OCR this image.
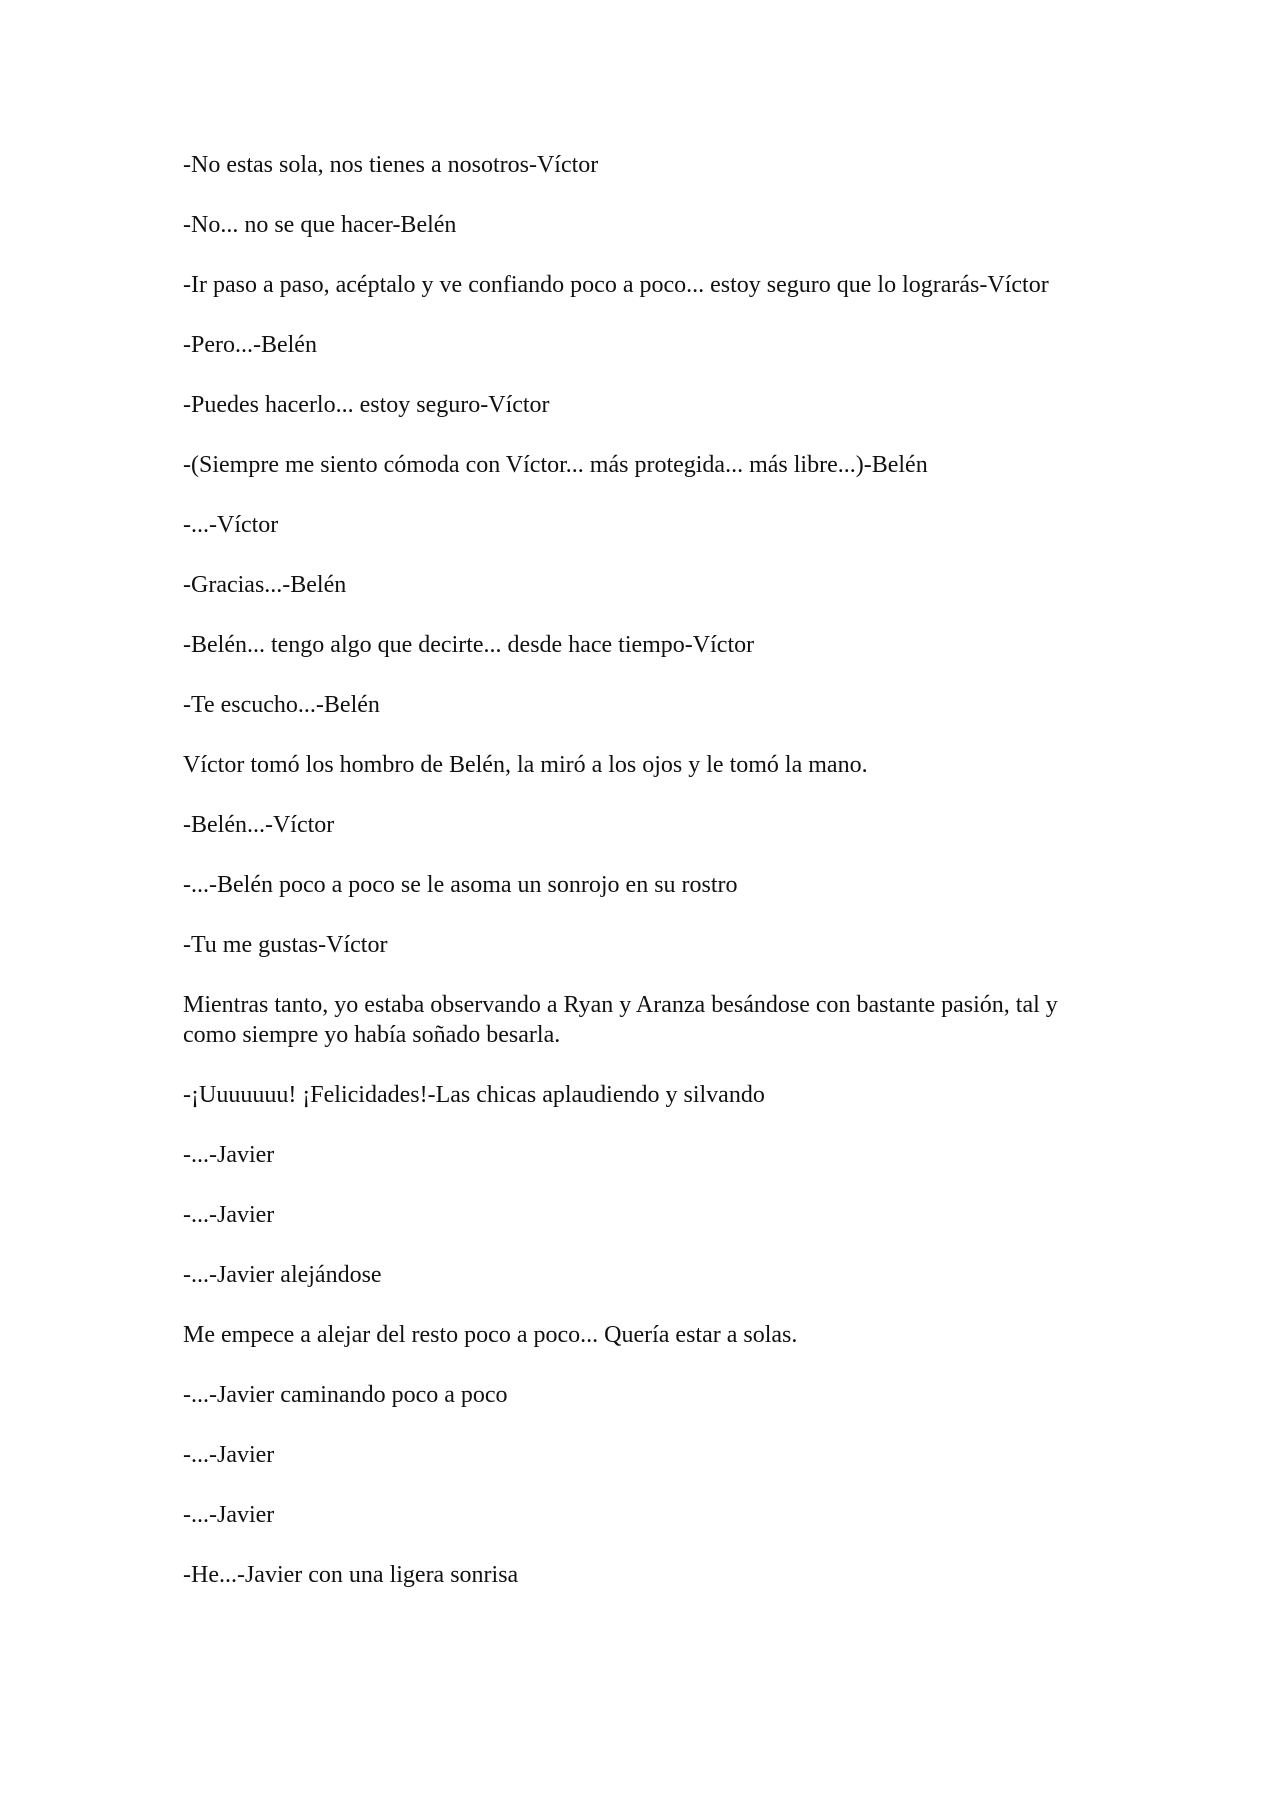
-No estas sola, nos tienes a nosotros-Víctor

-No... no se que hacer-Belén

-Ir paso a paso, acéptalo y ve confiando poco a poco... estoy seguro que lo lograrás-Víctor

-Pero...-Belén

-Puedes hacerlo... estoy seguro-Víctor

-(Siempre me siento cómoda con Víctor... más protegida... más libre...)-Belén

-...-Víctor

-Gracias...-Belén

-Belén... tengo algo que decirte... desde hace tiempo-Víctor

-Te escucho...-Belén

Víctor tomó los hombro de Belén, la miró a los ojos y le tomó la mano.

-Belén...-Víctor

-...-Belén poco a poco se le asoma un sonrojo en su rostro

-Tu me gustas-Víctor

Mientras tanto, yo estaba observando a Ryan y Aranza besándose con bastante pasión, tal y como siempre yo había soñado besarla.

-¡Uuuuuuu! ¡Felicidades!-Las chicas aplaudiendo y silvando

-...-Javier

-...-Javier

-...-Javier alejándose

Me empece a alejar del resto poco a poco... Quería estar a solas.

-...-Javier caminando poco a poco

-...-Javier

-...-Javier

-He...-Javier con una ligera sonrisa
